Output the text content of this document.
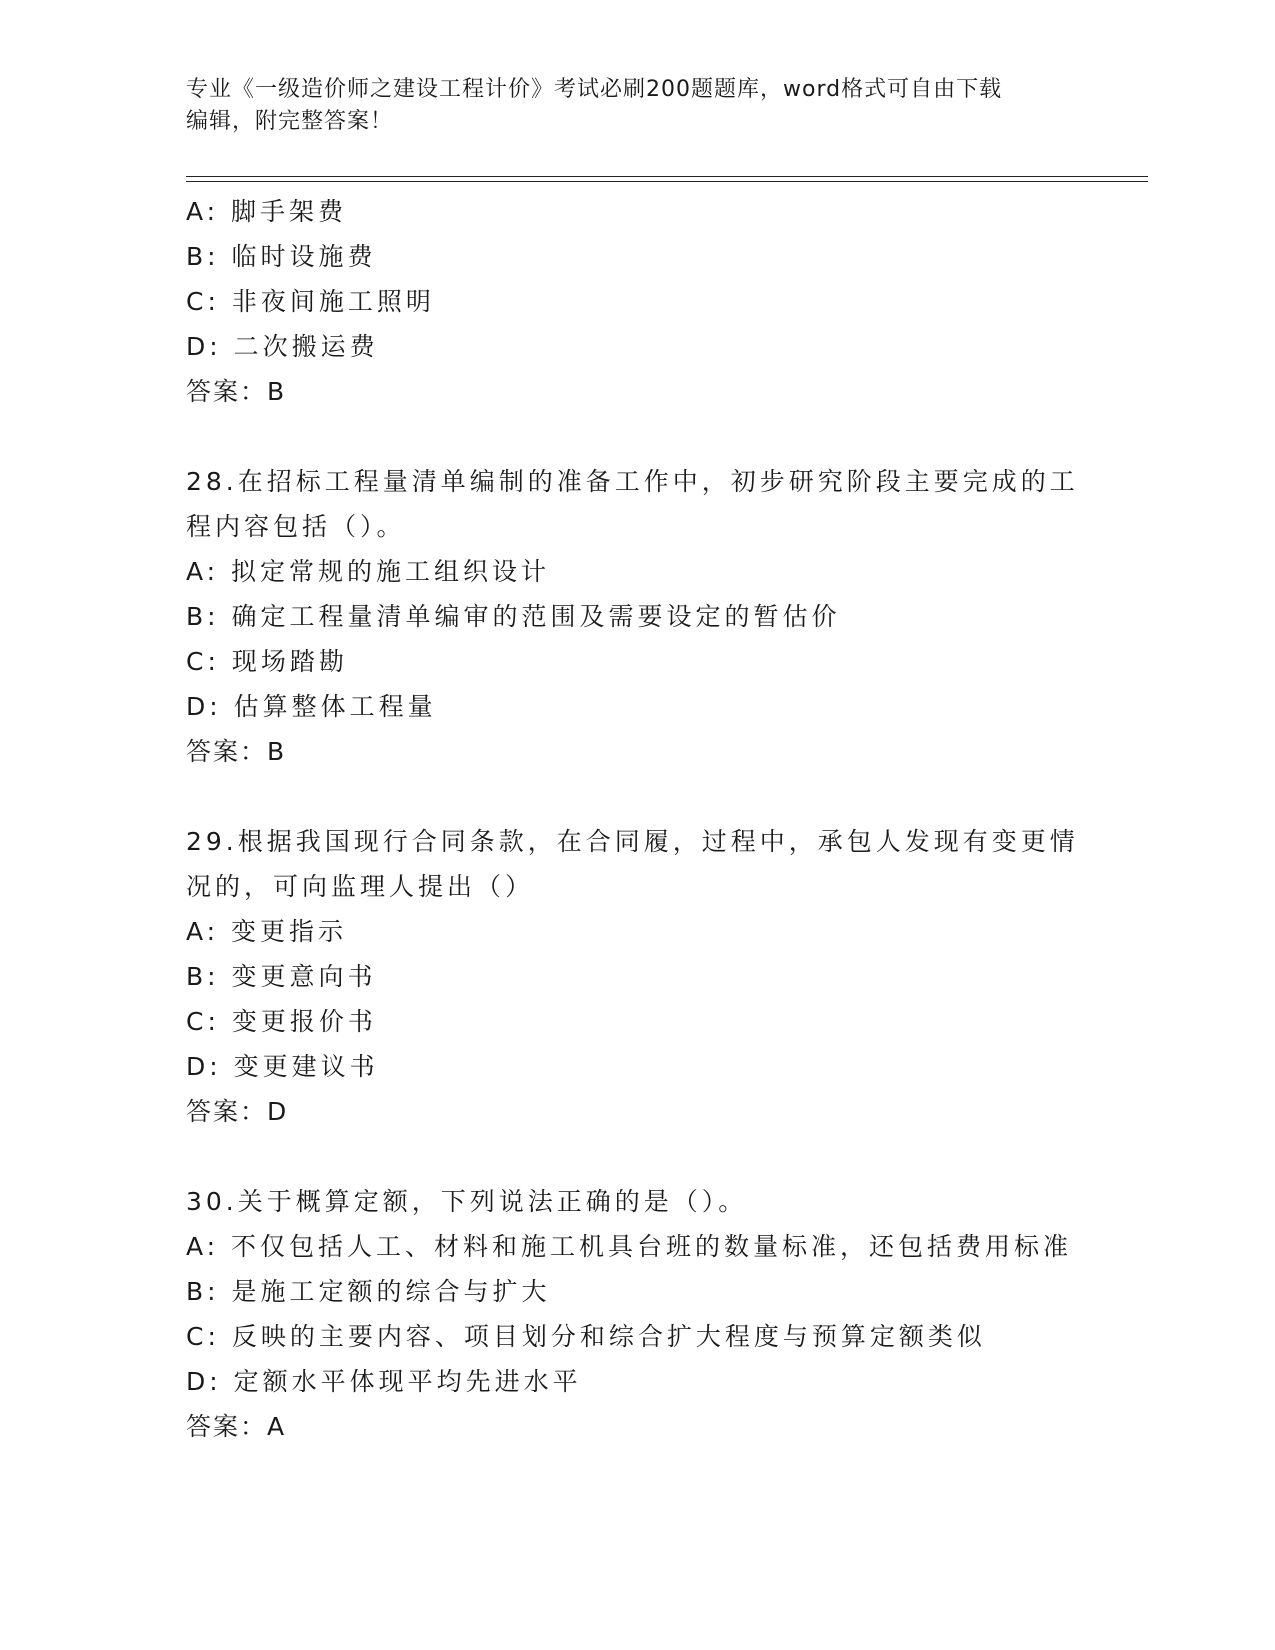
专业《一级造价师之建设工程计价》考试必刷200题题库，word格式可自由下载
编辑，附完整答案！
A: 脚手架费
B: 临时设施费
C: 非夜间施工照明
D: 二次搬运费
答案：B
28.在招标工程量清单编制的准备工作中，初步研究阶段主要完成的工
程内容包括（）。
A: 拟定常规的施工组织设计
B: 确定工程量清单编审的范围及需要设定的暂估价
C: 现场踏勘
D: 估算整体工程量
答案：B
29.根据我国现行合同条款，在合同履，过程中，承包人发现有变更情
况的，可向监理人提出（）
A: 变更指示
B: 变更意向书
C: 变更报价书
D: 变更建议书
答案：D
30.关于概算定额，下列说法正确的是（）。
A: 不仅包括人工、材料和施工机具台班的数量标准，还包括费用标准
B: 是施工定额的综合与扩大
C: 反映的主要内容、项目划分和综合扩大程度与预算定额类似
D: 定额水平体现平均先进水平
答案：A
